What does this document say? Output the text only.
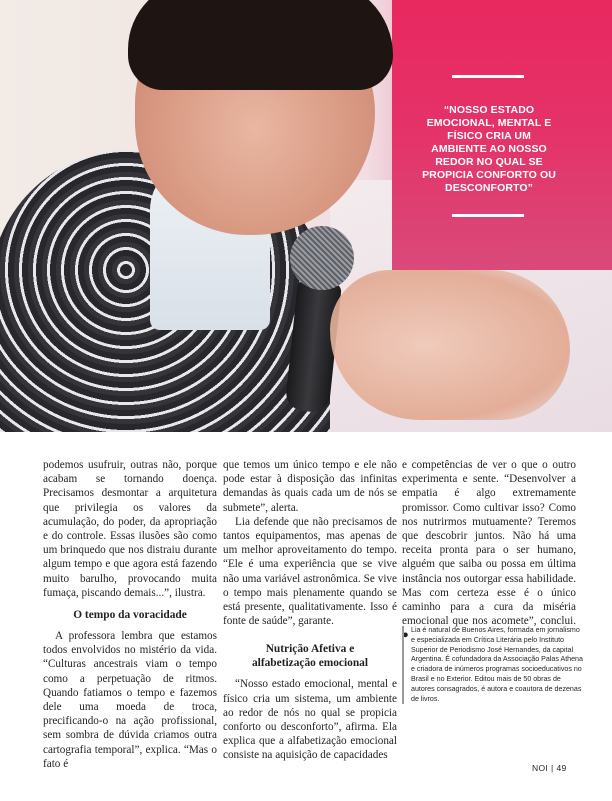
“NOSSO ESTADO EMOCIONAL, MENTAL E FÍSICO CRIA UM AMBIENTE AO NOSSO REDOR NO QUAL SE PROPICIA CONFORTO OU DESCONFORTO”

podemos usufruir, outras não, porque acabam se tornando doença. Precisamos desmontar a arquitetura que privilegia os valores da acumulação, do poder, da apropriação e do controle. Essas ilusões são como um brinquedo que nos distraiu durante algum tempo e que agora está fazendo muito barulho, provocando muita fumaça, piscando demais...”, ilustra.

O tempo da voracidade

A professora lembra que estamos todos envolvidos no mistério da vida. “Culturas ancestrais viam o tempo como a perpetuação de ritmos. Quando fatiamos o tempo e fazemos dele uma moeda de troca, precificando-o na ação profissional, sem sombra de dúvida criamos outra cartografia temporal”, explica. “Mas o fato é

que temos um único tempo e ele não pode estar à disposição das infinitas demandas às quais cada um de nós se submete”, alerta.

Lia defende que não precisamos de tantos equipamentos, mas apenas de um melhor aproveitamento do tempo. “Ele é uma experiência que se vive não uma variável astronômica. Se vive o tempo mais plenamente quando se está presente, qualitativamente. Isso é fonte de saúde”, garante.

Nutrição Afetiva e
alfabetização emocional

“Nosso estado emocional, mental e físico cria um sistema, um ambiente ao redor de nós no qual se propicia conforto ou desconforto”, afirma. Ela explica que a alfabetização emocional consiste na aquisição de capacidades

e competências de ver o que o outro experimenta e sente. “Desenvolver a empatia é algo extremamente promissor. Como cultivar isso? Como nos nutrirmos mutuamente? Teremos que descobrir juntos. Não há uma receita pronta para o ser humano, alguém que saiba ou possa em última instância nos outorgar essa habilidade. Mas com certeza esse é o único caminho para a cura da miséria emocional que nos acomete”, conclui. ● Lia é natural de Buenos Aires, formada em jornalismo e especializada em Crítica Literária pelo Instituto Superior de Periodismo José Hernandes, da capital Argentina. É cofundadora da Associação Palas Athena e criadora de inúmeros programas socioeducativos no Brasil e no Exterior. Editou mais de 50 obras de autores consagrados, é autora e coautora de dezenas de livros.
NOI | 49
